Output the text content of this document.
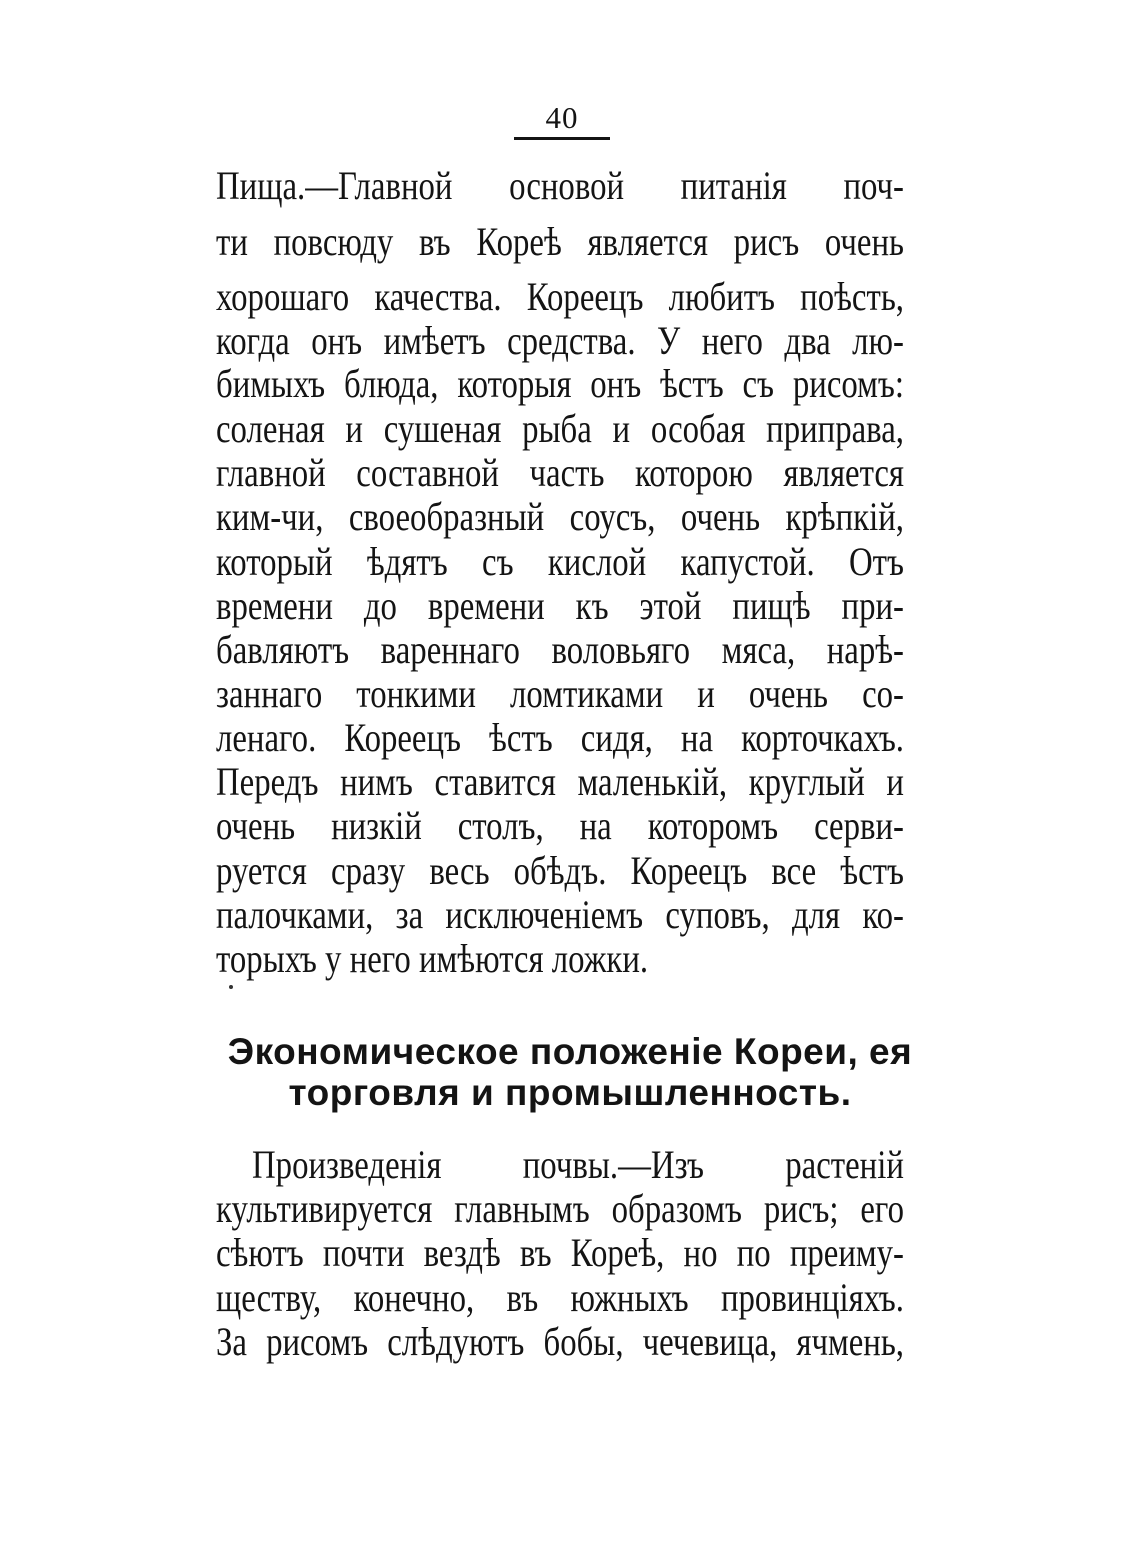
40
Пища.—Главной основой питанія поч-
ти повсюду въ Кореѣ является рисъ очень
хорошаго качества. Кореецъ любитъ поѣсть,
когда онъ имѣетъ средства. У него два лю-
бимыхъ блюда, которыя онъ ѣстъ съ рисомъ:
соленая и сушеная рыба и особая приправа,
главной составной часть которою является
ким-чи, своеобразный соусъ, очень крѣпкій,
который ѣдятъ съ кислой капустой. Отъ
времени до времени къ этой пищѣ при-
бавляютъ вареннаго воловьяго мяса, нарѣ-
заннаго тонкими ломтиками и очень со-
ленаго. Кореецъ ѣстъ сидя, на корточкахъ.
Передъ нимъ ставится маленькій, круглый и
очень низкій столъ, на которомъ серви-
руется сразу весь обѣдъ. Кореецъ все ѣстъ
палочками, за исключеніемъ суповъ, для ко-
торыхъ у него имѣются ложки.
Экономическое положеніе Кореи, ея
торговля и промышленность.
Произведенія почвы.—Изъ растеній
культивируется главнымъ образомъ рисъ; его
сѣютъ почти вездѣ въ Кореѣ, но по преиму-
ществу, конечно, въ южныхъ провинціяхъ.
За рисомъ слѣдуютъ бобы, чечевица, ячмень,
